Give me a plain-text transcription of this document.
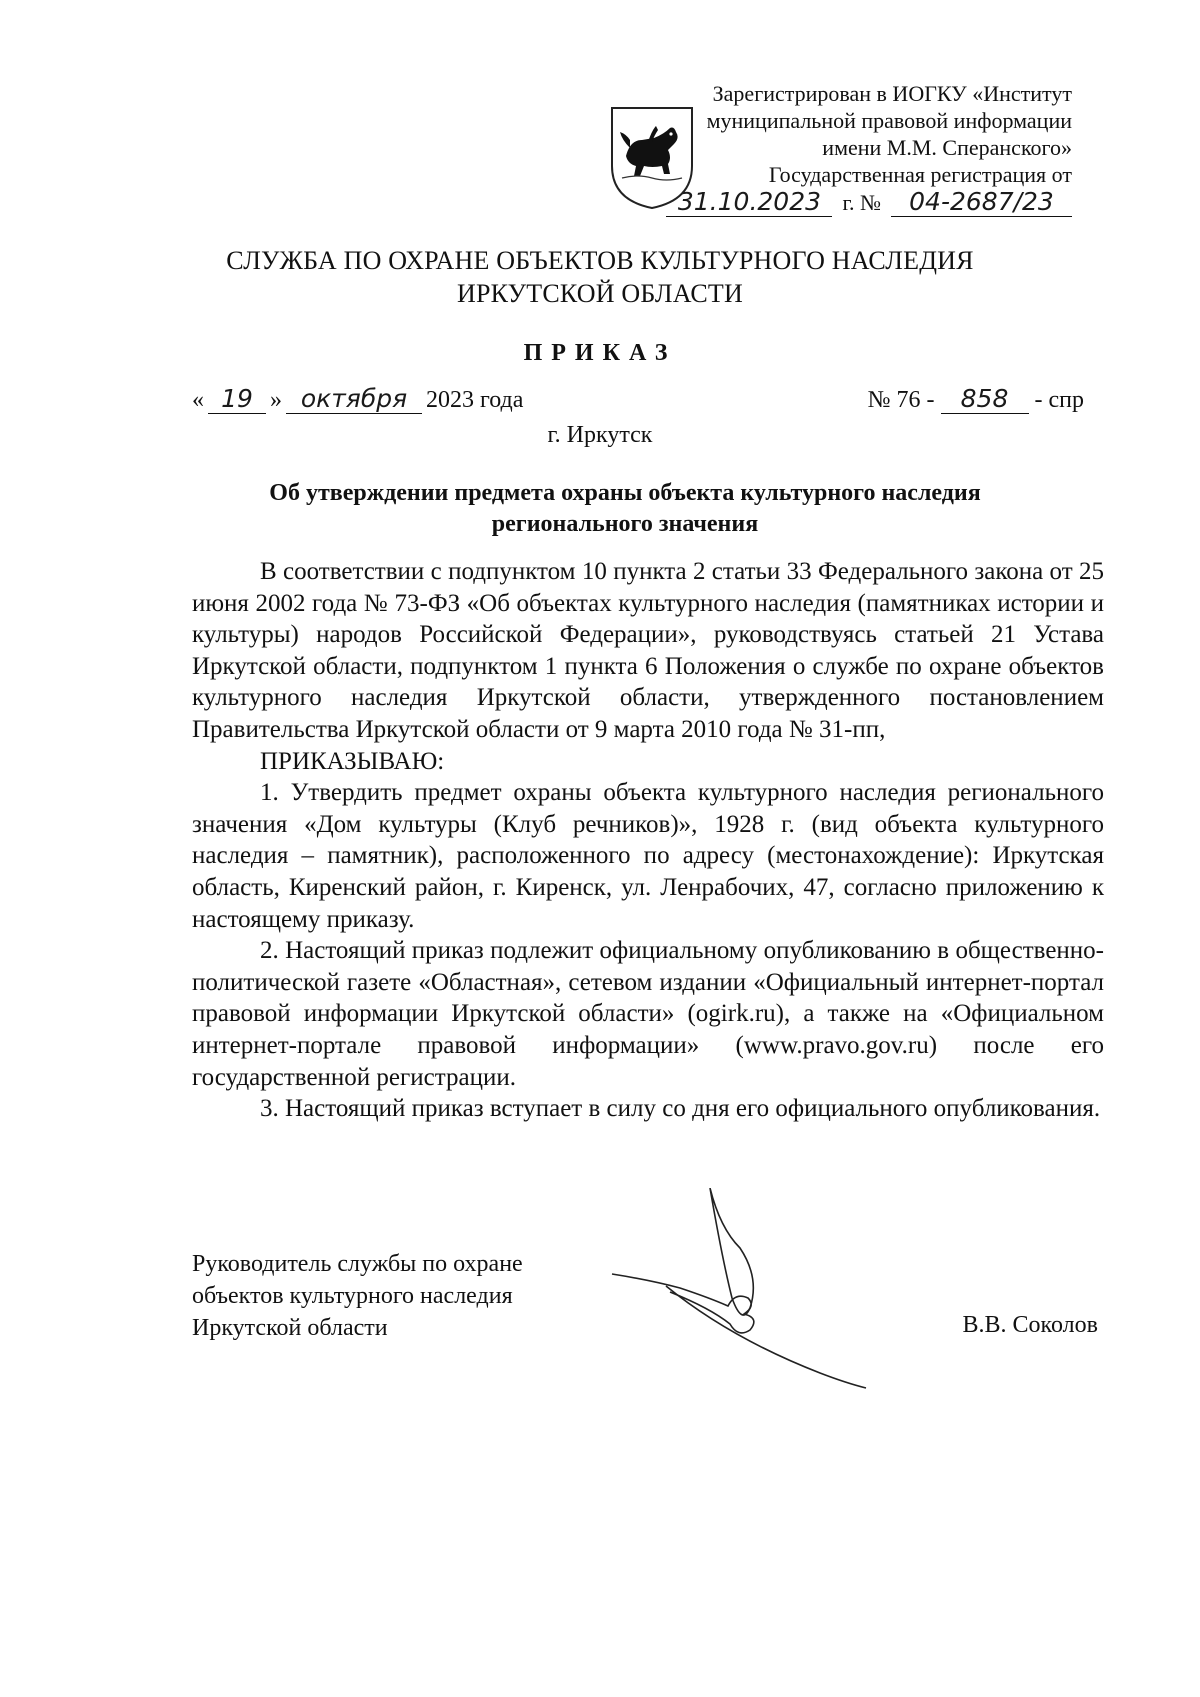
Зарегистрирован в ИОГКУ «Институт
муниципальной правовой информации
имени М.М. Сперанского»
Государственная регистрация от
31.10.2023 г. №	04-2687/23
СЛУЖБА ПО ОХРАНЕ ОБЪЕКТОВ КУЛЬТУРНОГО НАСЛЕДИЯ
ИРКУТСКОЙ ОБЛАСТИ
ПРИКАЗ
« 19 » октября 2023 года	№ 76 -	858	- спр
г. Иркутск
Об утверждении предмета охраны объекта культурного наследия
регионального значения

В соответствии с подпунктом 10 пункта 2 статьи 33 Федерального закона от 25 июня 2002 года № 73-ФЗ «Об объектах культурного наследия (памятниках истории и культуры) народов Российской Федерации», руководствуясь статьей 21 Устава Иркутской области, подпунктом 1 пункта 6 Положения о службе по охране объектов культурного наследия Иркутской области, утвержденного постановлением Правительства Иркутской области от 9 марта 2010 года № 31-пп,

ПРИКАЗЫВАЮ:

1. Утвердить предмет охраны объекта культурного наследия регионального значения «Дом культуры (Клуб речников)», 1928 г. (вид объекта культурного наследия – памятник), расположенного по адресу (местонахождение): Иркутская область, Киренский район, г. Киренск, ул. Ленрабочих, 47, согласно приложению к настоящему приказу.

2. Настоящий приказ подлежит официальному опубликованию в общественно-политической газете «Областная», сетевом издании «Официальный интернет-портал правовой информации Иркутской области» (ogirk.ru), а также на «Официальном интернет-портале правовой информации» (www.pravo.gov.ru) после его государственной регистрации.

3. Настоящий приказ вступает в силу со дня его официального опубликования.

Руководитель службы по охране
объектов культурного наследия
Иркутской области	В.В. Соколов
